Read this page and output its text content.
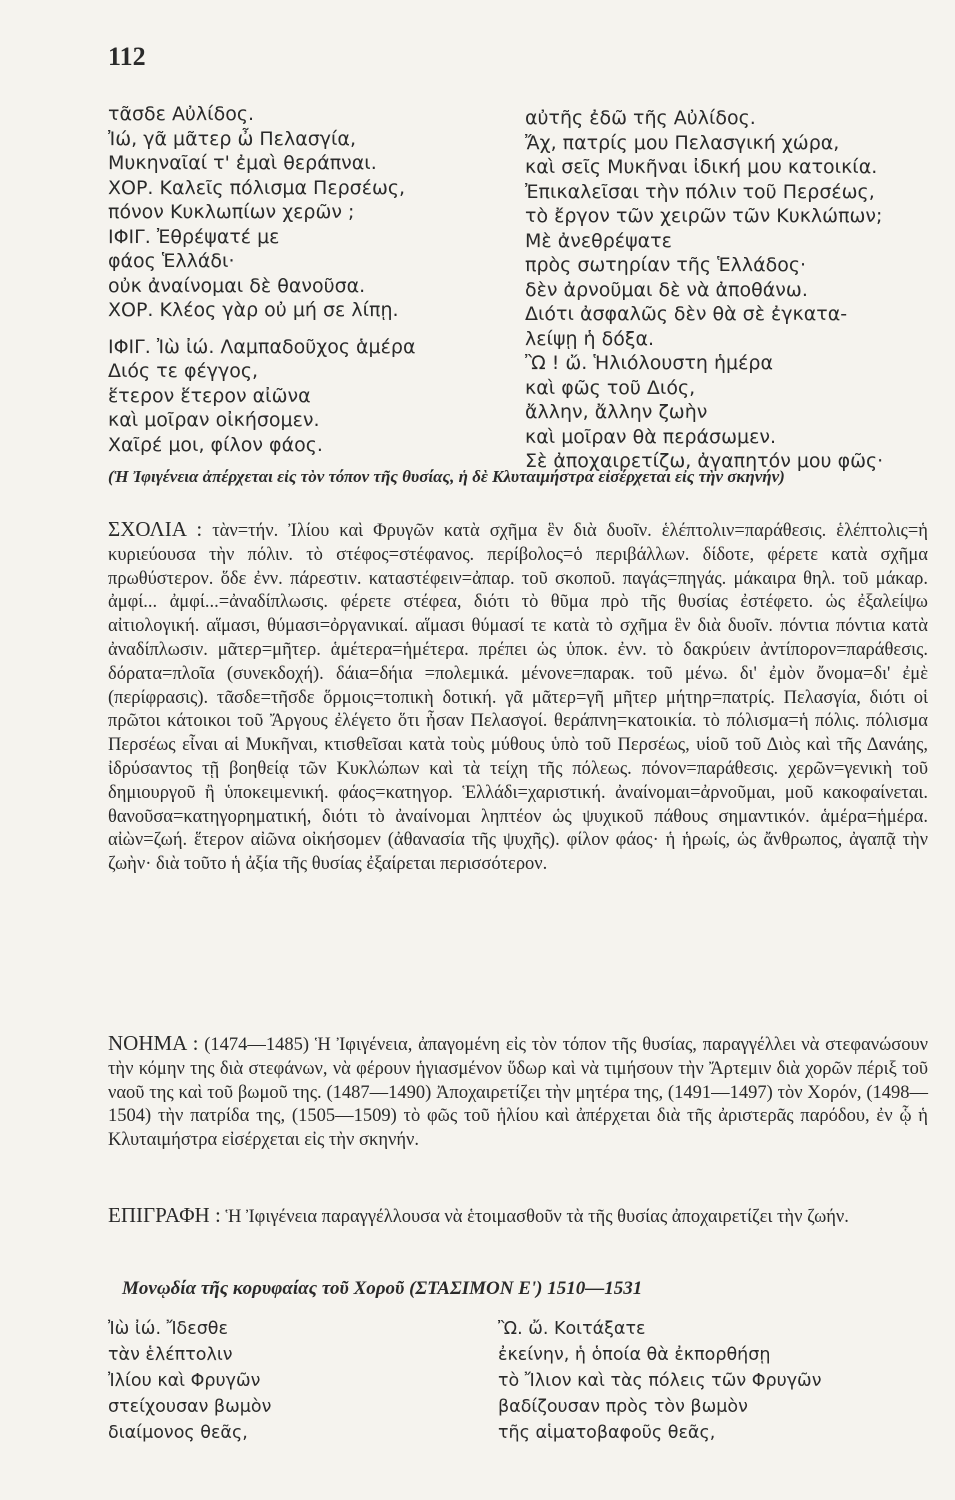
112
τᾶσδε Αὐλίδος.
Ἰώ, γᾶ μᾶτερ ὦ Πελασγία,
Μυκηναῖαί τ' ἐμαὶ θεράπναι.
ΧΟΡ. Καλεῖς πόλισμα Περσέως,
πόνον Κυκλωπίων χερῶν ;
ΙΦΙΓ. Ἐθρέψατέ με
φάος Ἑλλάδι·
οὐκ ἀναίνομαι δὲ θανοῦσα.
ΧΟΡ. Κλέος γὰρ οὐ μή σε λίπῃ.
ΙΦΙΓ. Ἰὼ ἰώ. Λαμπαδοῦχος ἁμέρα
Διός τε φέγγος,
ἕτερον ἕτερον αἰῶνα
καὶ μοῖραν οἰκήσομεν.
Χαῖρέ μοι, φίλον φάος.
αὐτῆς ἐδῶ τῆς Αὐλίδος.
Ἄχ, πατρίς μου Πελασγική χώρα,
καὶ σεῖς Μυκῆναι ἰδική μου κατοικία.
Ἐπικαλεῖσαι τὴν πόλιν τοῦ Περσέως,
τὸ ἔργον τῶν χειρῶν τῶν Κυκλώπων;
Μὲ ἀνεθρέψατε
πρὸς σωτηρίαν τῆς Ἑλλάδος·
δὲν ἀρνοῦμαι δὲ νὰ ἀποθάνω.
Διότι ἀσφαλῶς δὲν θὰ σὲ ἐγκατα-
λείψῃ ἡ δόξα.
Ὢ ! ὤ. Ἡλιόλουστη ἡμέρα
καὶ φῶς τοῦ Διός,
ἄλλην, ἄλλην ζωὴν
καὶ μοῖραν θὰ περάσωμεν.
Σὲ ἀποχαιρετίζω, ἀγαπητόν μου φῶς·
(Ἡ Ἰφιγένεια ἀπέρχεται εἰς τὸν τόπον τῆς θυσίας, ἡ δὲ Κλυταιμήστρα εἰσέρχεται εἰς τὴν σκηνήν)
ΣΧΟΛΙΑ : τὰν=τήν. Ἰλίου καὶ Φρυγῶν κατὰ σχῆμα ἓν διὰ δυοῖν. ἑλέπτολιν=παράθεσις. ἑλέπτολις=ἡ κυριεύουσα τὴν πόλιν. τὸ στέφος=στέφανος. περίβολος=ὁ περιβάλλων. δίδοτε, φέρετε κατὰ σχῆμα πρωθύστερον. ὅδε ἐνν. πάρεστιν. καταστέφειν=ἀπαρ. τοῦ σκοποῦ. παγάς=πηγάς. μάκαιρα θηλ. τοῦ μάκαρ. ἀμφί... ἀμφί...=ἀναδίπλωσις. φέρετε στέφεα, διότι τὸ θῦμα πρὸ τῆς θυσίας ἐστέφετο. ὡς ἐξαλείψω αἰτιολογική. αἵμασι, θύμασι=ὀργανικαί. αἵμασι θύμασί τε κατὰ τὸ σχῆμα ἓν διὰ δυοῖν. πόντια πόντια κατὰ ἀναδίπλωσιν. μᾶτερ=μῆτερ. ἁμέτερα=ἡμέτερα. πρέπει ὡς ὑποκ. ἐνν. τὸ δακρύειν ἀντίπορον=παράθεσις. δόρατα=πλοῖα (συνεκδοχή). δάια=δήια =πολεμικά. μένονε=παρακ. τοῦ μένω. δι' ἐμὸν ὄνομα=δι' ἐμὲ (περίφρασις). τᾶσδε=τῆσδε ὅρμοις=τοπικὴ δοτική. γᾶ μᾶτερ=γῆ μῆτερ μήτηρ=πατρίς. Πελασγία, διότι οἱ πρῶτοι κάτοικοι τοῦ Ἄργους ἐλέγετο ὅτι ἦσαν Πελασγοί. θεράπνη=κατοικία. τὸ πόλισμα=ἡ πόλις. πόλισμα Περσέως εἶναι αἱ Μυκῆναι, κτισθεῖσαι κατὰ τοὺς μύθους ὑπὸ τοῦ Περσέως, υἱοῦ τοῦ Διὸς καὶ τῆς Δανάης, ἰδρύσαντος τῇ βοηθείᾳ τῶν Κυκλώπων καὶ τὰ τείχη τῆς πόλεως. πόνον=παράθεσις. χερῶν=γενικὴ τοῦ δημιουργοῦ ἢ ὑποκειμενική. φάος=κατηγορ. Ἑλλάδι=χαριστική. ἀναίνομαι=ἀρνοῦμαι, μοῦ κακοφαίνεται. θανοῦσα=κατηγορηματική, διότι τὸ ἀναίνομαι ληπτέον ὡς ψυχικοῦ πάθους σημαντικόν. ἁμέρα=ἡμέρα. αἰὼν=ζωή. ἕτερον αἰῶνα οἰκήσομεν (ἀθανασία τῆς ψυχῆς). φίλον φάος· ἡ ἡρωίς, ὡς ἄνθρωπος, ἀγαπᾷ τὴν ζωὴν· διὰ τοῦτο ἡ ἀξία τῆς θυσίας ἐξαίρεται περισσότερον.
ΝΟΗΜΑ : (1474—1485) Ἡ Ἰφιγένεια, ἀπαγομένη εἰς τὸν τόπον τῆς θυσίας, παραγγέλλει νὰ στεφανώσουν τὴν κόμην της διὰ στεφάνων, νὰ φέρουν ἡγιασμένον ὕδωρ καὶ νὰ τιμήσουν τὴν Ἄρτεμιν διὰ χορῶν πέριξ τοῦ ναοῦ της καὶ τοῦ βωμοῦ της. (1487—1490) Ἀποχαιρετίζει τὴν μητέρα της, (1491—1497) τὸν Χορόν, (1498—1504) τὴν πατρίδα της, (1505—1509) τὸ φῶς τοῦ ἡλίου καὶ ἀπέρχεται διὰ τῆς ἀριστερᾶς παρόδου, ἐν ᾧ ἡ Κλυταιμήστρα εἰσέρχεται εἰς τὴν σκηνήν.
ΕΠΙΓΡΑΦΗ : Ἡ Ἰφιγένεια παραγγέλλουσα νὰ ἑτοιμασθοῦν τὰ τῆς θυσίας ἀποχαιρετίζει τὴν ζωήν.
Μονῳδία τῆς κορυφαίας τοῦ Χοροῦ (ΣΤΑΣΙΜΟΝ Ε') 1510—1531
Ἰὼ ἰώ. Ἴδεσθε
τὰν ἑλέπτολιν
Ἰλίου καὶ Φρυγῶν
στείχουσαν βωμὸν
διαίμονος θεᾶς,
Ὢ. ὤ. Κοιτάξατε
ἐκείνην, ἡ ὁποία θὰ ἐκπορθήσῃ
τὸ Ἴλιον καὶ τὰς πόλεις τῶν Φρυγῶν
βαδίζουσαν πρὸς τὸν βωμὸν
τῆς αἱματοβαφοῦς θεᾶς,
